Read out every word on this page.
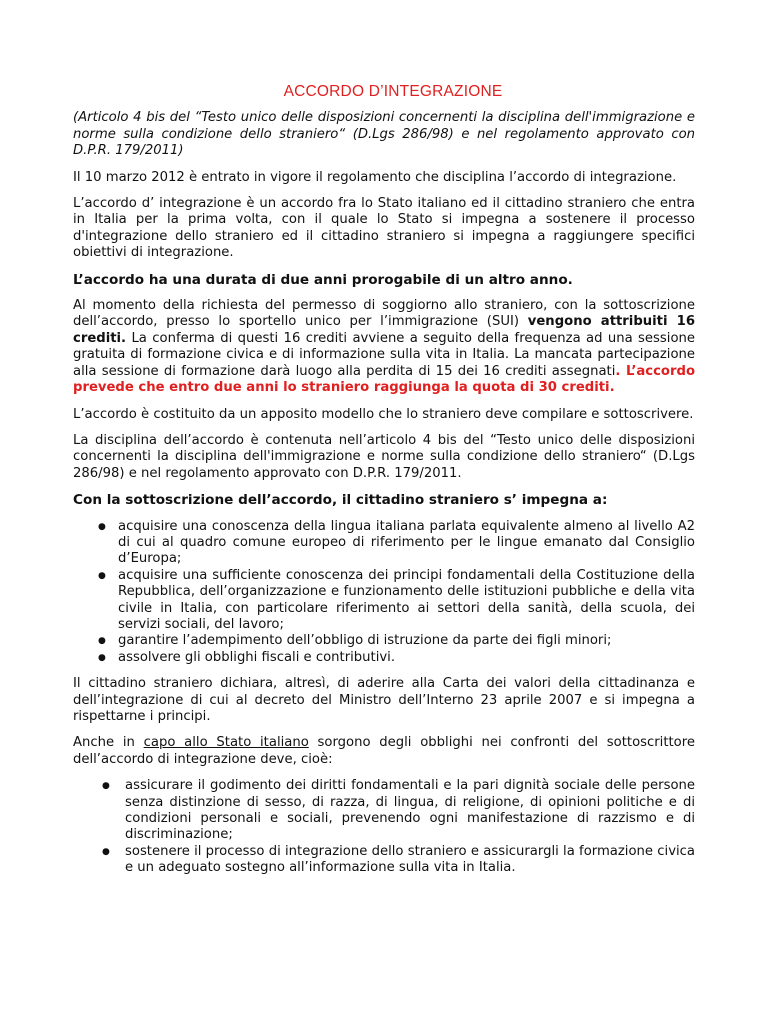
ACCORDO D’INTEGRAZIONE

(Articolo 4 bis del “Testo unico delle disposizioni concernenti la disciplina dell'immigrazione e norme sulla condizione dello straniero“ (D.Lgs 286/98) e nel regolamento approvato con D.P.R. 179/2011)

Il 10 marzo 2012 è entrato in vigore il regolamento che disciplina l’accordo di integrazione.

L’accordo d’ integrazione è un accordo fra lo Stato italiano ed il cittadino straniero che entra in Italia per la prima volta, con il quale lo Stato si impegna a sostenere il processo d'integrazione dello straniero ed il cittadino straniero si impegna a raggiungere specifici obiettivi di integrazione.

L’accordo ha una durata di due anni prorogabile di un altro anno.

Al momento della richiesta del permesso di soggiorno allo straniero, con la sottoscrizione dell’accordo, presso lo sportello unico per l’immigrazione (SUI) vengono attribuiti 16 crediti. La conferma di questi 16 crediti avviene a seguito della frequenza ad una sessione gratuita di formazione civica e di informazione sulla vita in Italia. La mancata partecipazione alla sessione di formazione darà luogo alla perdita di 15 dei 16 crediti assegnati. L’accordo prevede che entro due anni lo straniero raggiunga la quota di 30 crediti.

L’accordo è costituito da un apposito modello che lo straniero deve compilare e sottoscrivere.

La disciplina dell’accordo è contenuta nell’articolo 4 bis del “Testo unico delle disposizioni concernenti la disciplina dell'immigrazione e norme sulla condizione dello straniero“ (D.Lgs 286/98) e nel regolamento approvato con D.P.R. 179/2011.

Con la sottoscrizione dell’accordo, il cittadino straniero s’ impegna a:

● acquisire una conoscenza della lingua italiana parlata equivalente almeno al livello A2 di cui al quadro comune europeo di riferimento per le lingue emanato dal Consiglio d’Europa;
● acquisire una sufficiente conoscenza dei principi fondamentali della Costituzione della Repubblica, dell’organizzazione e funzionamento delle istituzioni pubbliche e della vita civile in Italia, con particolare riferimento ai settori della sanità, della scuola, dei servizi sociali, del lavoro;
● garantire l’adempimento dell’obbligo di istruzione da parte dei figli minori;
● assolvere gli obblighi fiscali e contributivi.

Il cittadino straniero dichiara, altresì, di aderire alla Carta dei valori della cittadinanza e dell’integrazione di cui al decreto del Ministro dell’Interno 23 aprile 2007 e si impegna a rispettarne i principi.

Anche in capo allo Stato italiano sorgono degli obblighi nei confronti del sottoscrittore dell’accordo di integrazione deve, cioè:

● assicurare il godimento dei diritti fondamentali e la pari dignità sociale delle persone senza distinzione di sesso, di razza, di lingua, di religione, di opinioni politiche e di condizioni personali e sociali, prevenendo ogni manifestazione di razzismo e di discriminazione;
● sostenere il processo di integrazione dello straniero e assicurargli la formazione civica e un adeguato sostegno all’informazione sulla vita in Italia.
